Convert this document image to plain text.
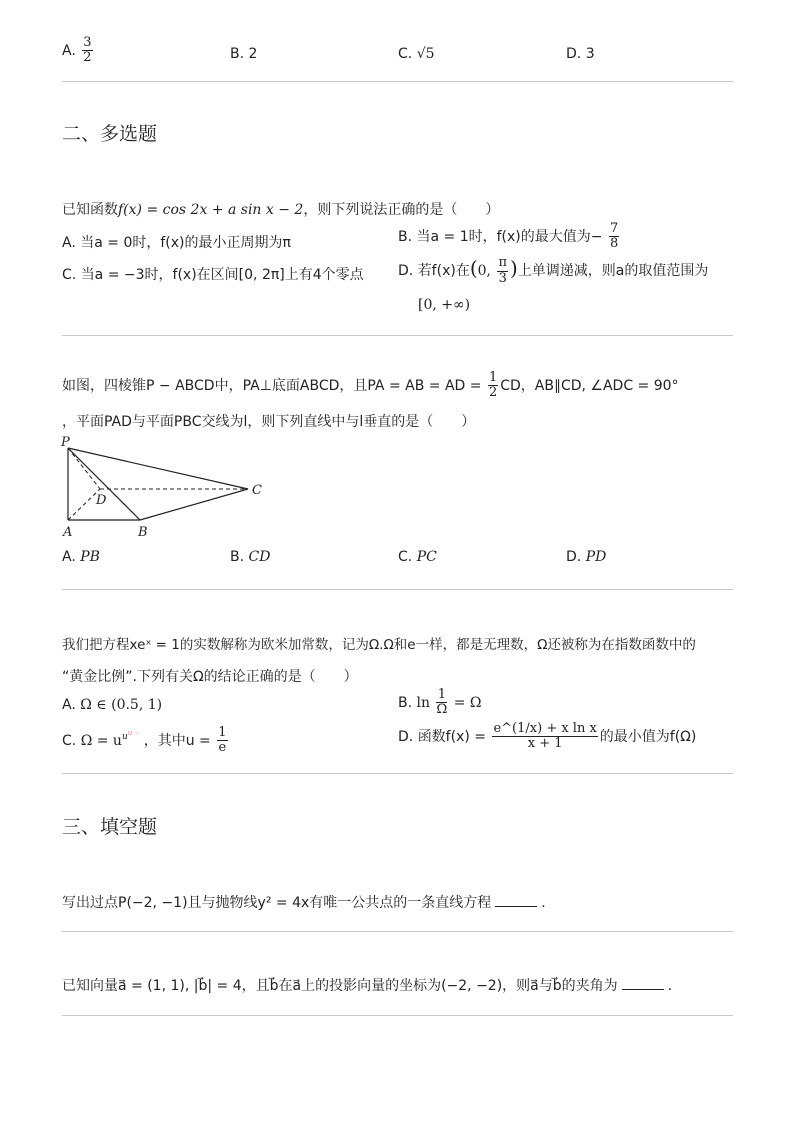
A. $\frac{3}{2}$	B. 2	C. √5	D. 3
二、多选题
已知函数f(x) = cos 2x + a sin x − 2，则下列说法正确的是（　　）
A. 当a = 0时，f(x)的最小正周期为π	B. 当a = 1时，f(x)的最大值为− $\frac{7}{8}$
C. 当a = −3时，f(x)在区间[0, 2π]上有4个零点 D. 若f(x)在(0, $\frac{\pi}{3}$ )上单调递减，则a的取值范围为
[0, +∞)
如图，四棱锥P − ABCD中，PA⊥底面ABCD，且PA = AB = AD = $\frac{1}{2}$ CD，AB∥CD, ∠ADC = 90°
，平面PAD与平面PBC交线为l，则下列直线中与l垂直的是（　　）
P
D
C
A	B
A. PB	B. CD	C. PC	D. PD
我们把方程xeˣ = 1的实数解称为欧米加常数，记为Ω.Ω和e一样，都是无理数，Ω还被称为在指数函数中的
“黄金比例”.下列有关Ω的结论正确的是（　　）
A. Ω ∈ (0.5, 1)	B. $\ln \frac{1}{\Omega} = \Omega$
C. $\Omega = u^{uu\cdots}$ ，其中$u = \frac{1}{e}$	D. 函数$f(x) = \frac{\text{e\textasciicircum{}(1/x) + x ln x}}{x + 1}$ 的最小值为f(Ω)
三、填空题
写出过点P(−2, −1)且与抛物线y² = 4x有唯一公共点的一条直线方程	.
已知向量a⃗ = (1, 1), |b⃗| = 4，且b⃗在a⃗上的投影向量的坐标为(−2, −2)，则a⃗与b⃗的夹角为	.
